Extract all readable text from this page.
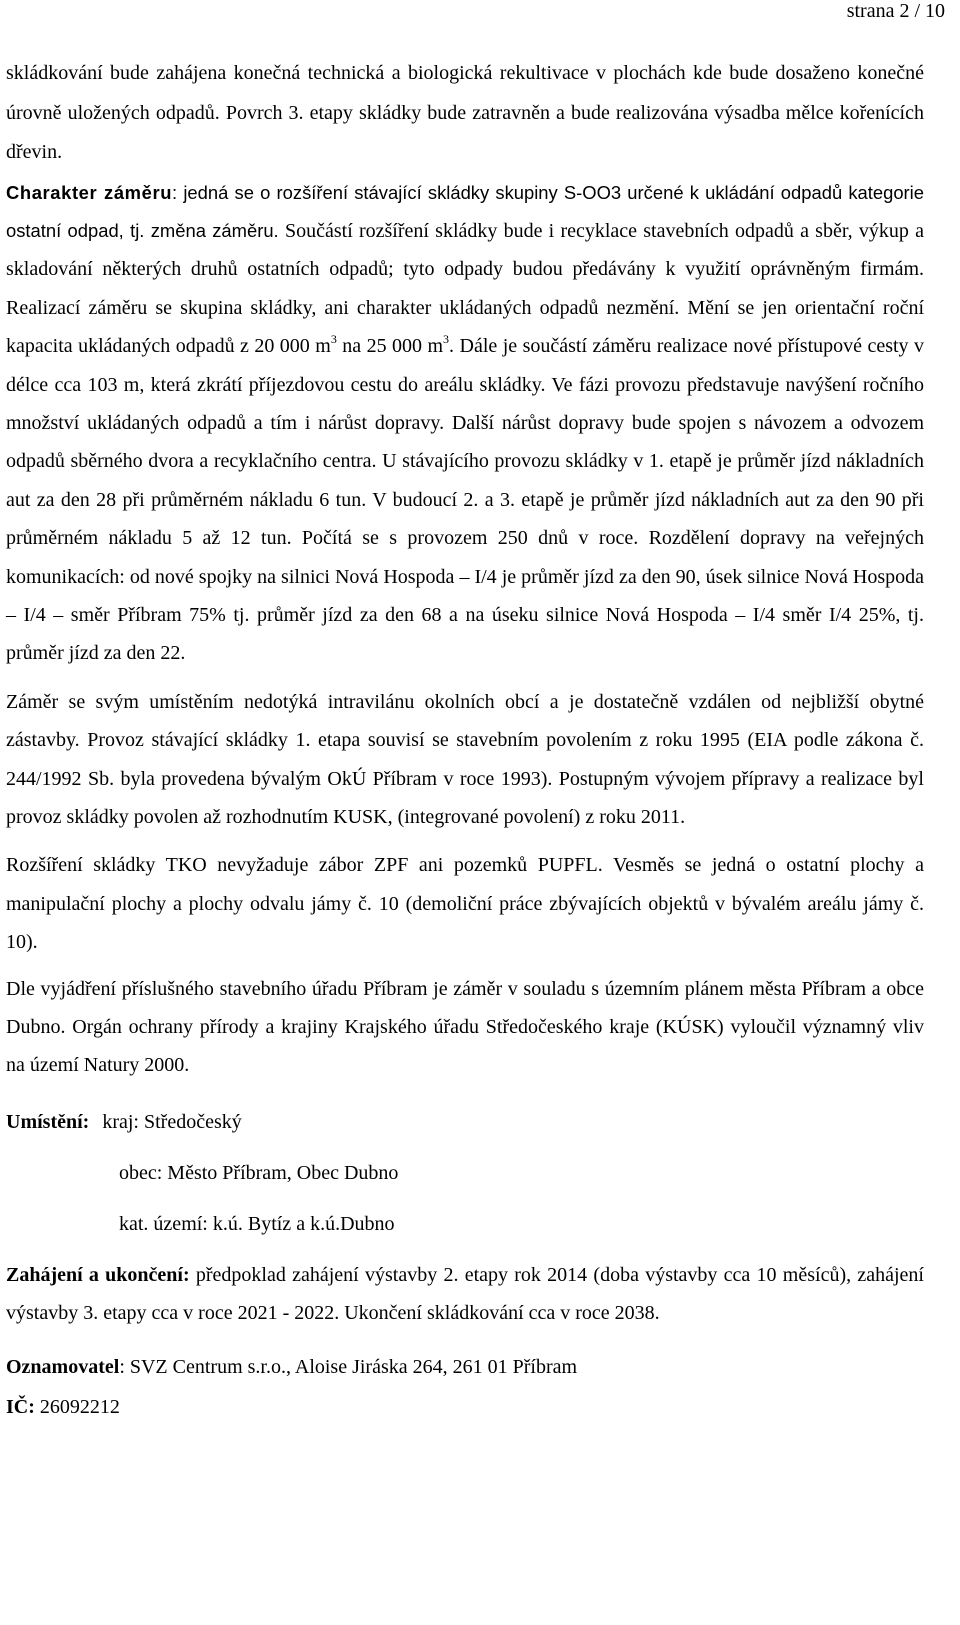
strana 2 / 10

skládkování bude zahájena konečná technická a biologická rekultivace v plochách kde bude dosaženo konečné úrovně uložených odpadů. Povrch 3. etapy skládky bude zatravněn a bude realizována výsadba mělce kořenících dřevin.

Charakter záměru: jedná se o rozšíření stávající skládky skupiny S-OO3 určené k ukládání odpadů kategorie ostatní odpad, tj. změna záměru. Součástí rozšíření skládky bude i recyklace stavebních odpadů a sběr, výkup a skladování některých druhů ostatních odpadů; tyto odpady budou předávány k využití oprávněným firmám. Realizací záměru se skupina skládky, ani charakter ukládaných odpadů nezmění. Mění se jen orientační roční kapacita ukládaných odpadů z 20 000 $m^3$ na 25 000 $m^3$. Dále je součástí záměru realizace nové přístupové cesty v délce cca 103 m, která zkrátí příjezdovou cestu do areálu skládky. Ve fázi provozu představuje navýšení ročního množství ukládaných odpadů a tím i nárůst dopravy. Další nárůst dopravy bude spojen s návozem a odvozem odpadů sběrného dvora a recyklačního centra. U stávajícího provozu skládky v 1. etapě je průměr jízd nákladních aut za den 28 při průměrném nákladu 6 tun. V budoucí 2. a 3. etapě je průměr jízd nákladních aut za den 90 při průměrném nákladu 5 až 12 tun. Počítá se s provozem 250 dnů v roce. Rozdělení dopravy na veřejných komunikacích: od nové spojky na silnici Nová Hospoda – I/4 je průměr jízd za den 90, úsek silnice Nová Hospoda – I/4 – směr Příbram 75% tj. průměr jízd za den 68 a na úseku silnice Nová Hospoda – I/4 směr I/4 25%, tj. průměr jízd za den 22.

Záměr se svým umístěním nedotýká intravilánu okolních obcí a je dostatečně vzdálen od nejbližší obytné zástavby. Provoz stávající skládky 1. etapa souvisí se stavebním povolením z roku 1995 (EIA podle zákona č. 244/1992 Sb. byla provedena bývalým OkÚ Příbram v roce 1993). Postupným vývojem přípravy a realizace byl provoz skládky povolen až rozhodnutím KUSK, (integrované povolení) z roku 2011.

Rozšíření skládky TKO nevyžaduje zábor ZPF ani pozemků PUPFL. Vesměs se jedná o ostatní plochy a manipulační plochy a plochy odvalu jámy č. 10 (demoliční práce zbývajících objektů v bývalém areálu jámy č. 10).

Dle vyjádření příslušného stavebního úřadu Příbram je záměr v souladu s územním plánem města Příbram a obce Dubno. Orgán ochrany přírody a krajiny Krajského úřadu Středočeského kraje (KÚSK) vyloučil významný vliv na území Natury 2000.

Umístění: kraj: Středočeský
obec: Město Příbram, Obec Dubno
kat. území: k.ú. Bytíz a k.ú.Dubno

Zahájení a ukončení: předpoklad zahájení výstavby 2. etapy rok 2014 (doba výstavby cca 10 měsíců), zahájení výstavby 3. etapy cca v roce 2021 - 2022. Ukončení skládkování cca v roce 2038.

Oznamovatel: SVZ Centrum s.r.o., Aloise Jiráska 264, 261 01 Příbram

IČ: 26092212
